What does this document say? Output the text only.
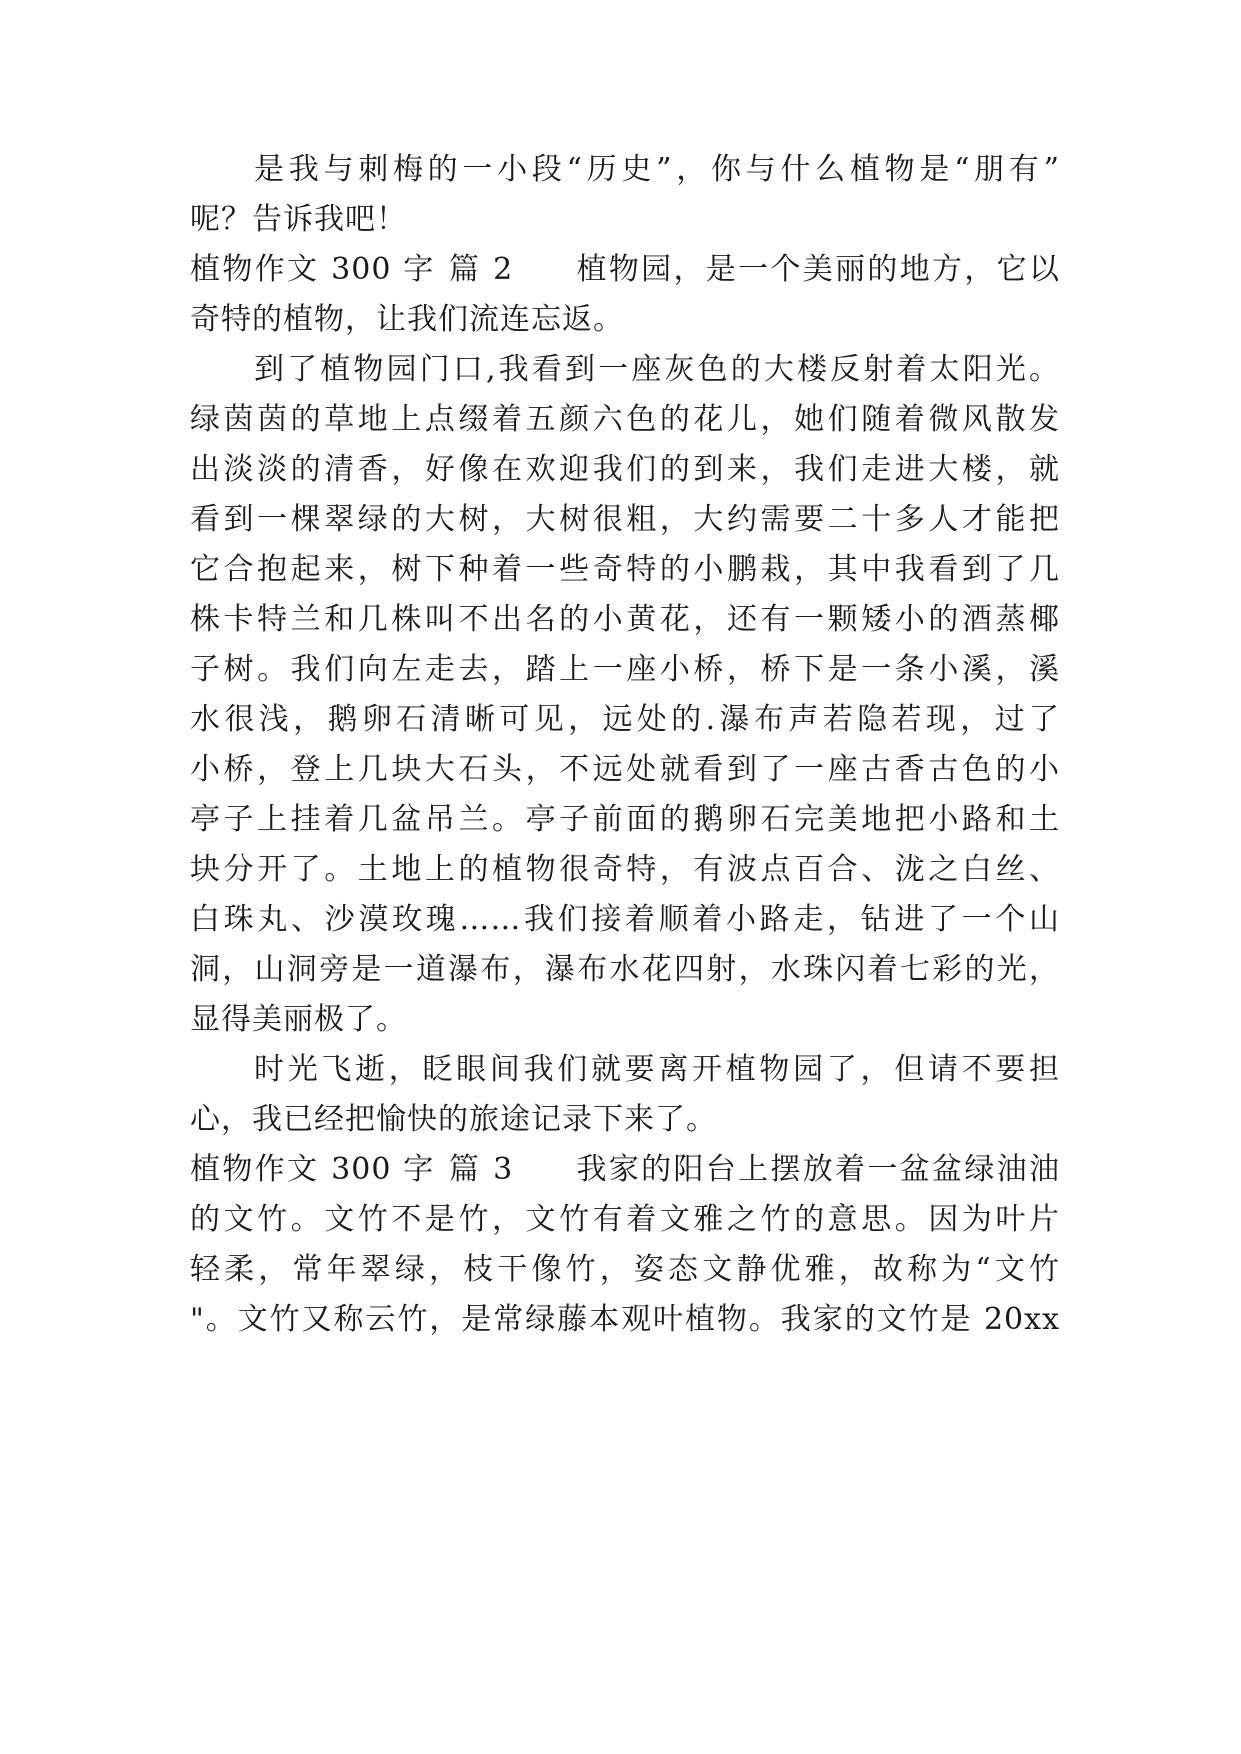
是我与刺梅的一小段“历史”，你与什么植物是“朋有”
呢？告诉我吧！
植物作文 300 字 篇 2 植物园，是一个美丽的地方，它以
奇特的植物，让我们流连忘返。
到了植物园门口,我看到一座灰色的大楼反射着太阳光。
绿茵茵的草地上点缀着五颜六色的花儿，她们随着微风散发
出淡淡的清香，好像在欢迎我们的到来，我们走进大楼，就
看到一棵翠绿的大树，大树很粗，大约需要二十多人才能把
它合抱起来，树下种着一些奇特的小鹏栽，其中我看到了几
株卡特兰和几株叫不出名的小黄花，还有一颗矮小的酒蒸椰
子树。我们向左走去，踏上一座小桥，桥下是一条小溪，溪
水很浅，鹅卵石清晰可见，远处的.瀑布声若隐若现，过了
小桥，登上几块大石头，不远处就看到了一座古香古色的小
亭子上挂着几盆吊兰。亭子前面的鹅卵石完美地把小路和土
块分开了。土地上的植物很奇特，有波点百合、泷之白丝、
白珠丸、沙漠玫瑰……我们接着顺着小路走，钻进了一个山
洞，山洞旁是一道瀑布，瀑布水花四射，水珠闪着七彩的光，
显得美丽极了。
时光飞逝，眨眼间我们就要离开植物园了，但请不要担
心，我已经把愉快的旅途记录下来了。
植物作文 300 字 篇 3 我家的阳台上摆放着一盆盆绿油油
的文竹。文竹不是竹，文竹有着文雅之竹的意思。因为叶片
轻柔，常年翠绿，枝干像竹，姿态文静优雅，故称为“文竹
"。文竹又称云竹，是常绿藤本观叶植物。我家的文竹是 20xx
